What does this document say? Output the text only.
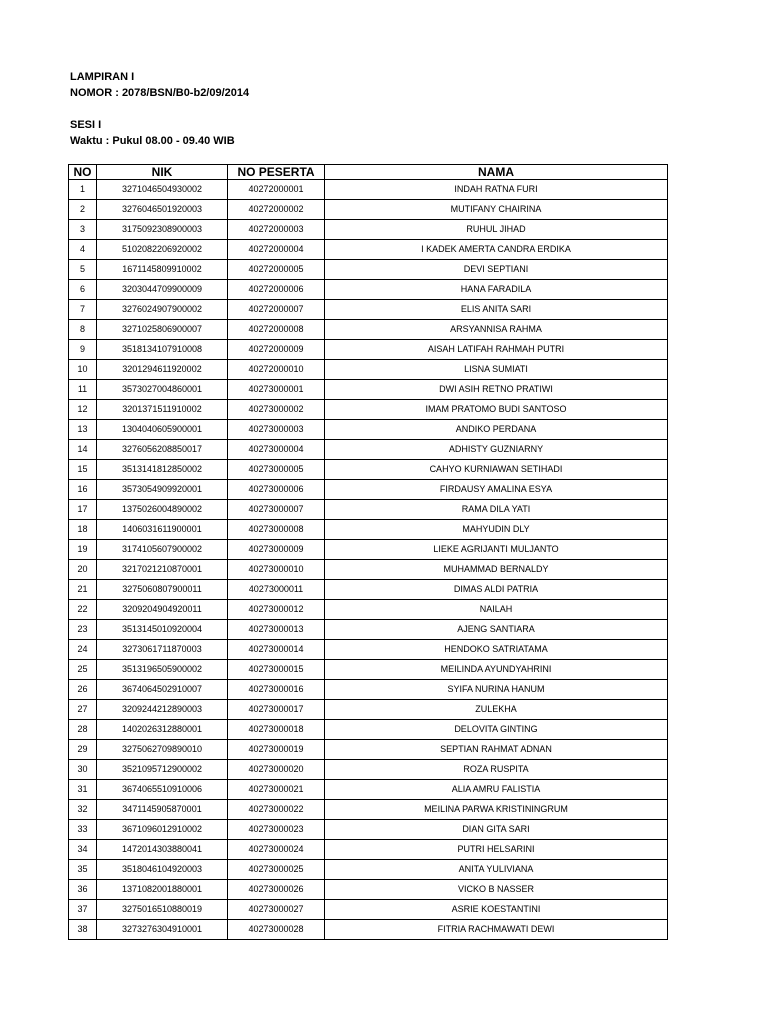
LAMPIRAN I
NOMOR : 2078/BSN/B0-b2/09/2014
SESI I
Waktu : Pukul 08.00 - 09.40 WIB
NO	NIK	NO PESERTA	NAMA
1	3271046504930002	40272000001	INDAH RATNA FURI
2	3276046501920003	40272000002	MUTIFANY CHAIRINA
3	3175092308900003	40272000003	RUHUL JIHAD
4	5102082206920002	40272000004	I KADEK AMERTA CANDRA ERDIKA
5	1671145809910002	40272000005	DEVI SEPTIANI
6	3203044709900009	40272000006	HANA FARADILA
7	3276024907900002	40272000007	ELIS ANITA SARI
8	3271025806900007	40272000008	ARSYANNISA RAHMA
9	3518134107910008	40272000009	AISAH LATIFAH RAHMAH PUTRI
10	3201294611920002	40272000010	LISNA SUMIATI
11	3573027004860001	40273000001	DWI ASIH RETNO PRATIWI
12	3201371511910002	40273000002	IMAM PRATOMO BUDI SANTOSO
13	1304040605900001	40273000003	ANDIKO PERDANA
14	3276056208850017	40273000004	ADHISTY GUZNIARNY
15	3513141812850002	40273000005	CAHYO KURNIAWAN SETIHADI
16	3573054909920001	40273000006	FIRDAUSY AMALINA ESYA
17	1375026004890002	40273000007	RAMA DILA YATI
18	1406031611900001	40273000008	MAHYUDIN DLY
19	3174105607900002	40273000009	LIEKE AGRIJANTI MULJANTO
20	3217021210870001	40273000010	MUHAMMAD BERNALDY
21	3275060807900011	40273000011	DIMAS ALDI PATRIA
22	3209204904920011	40273000012	NAILAH
23	3513145010920004	40273000013	AJENG SANTIARA
24	3273061711870003	40273000014	HENDOKO SATRIATAMA
25	3513196505900002	40273000015	MEILINDA AYUNDYAHRINI
26	3674064502910007	40273000016	SYIFA NURINA HANUM
27	3209244212890003	40273000017	ZULEKHA
28	1402026312880001	40273000018	DELOVITA GINTING
29	3275062709890010	40273000019	SEPTIAN RAHMAT ADNAN
30	3521095712900002	40273000020	ROZA RUSPITA
31	3674065510910006	40273000021	ALIA AMRU FALISTIA
32	3471145905870001	40273000022	MEILINA PARWA KRISTININGRUM
33	3671096012910002	40273000023	DIAN GITA SARI
34	1472014303880041	40273000024	PUTRI HELSARINI
35	3518046104920003	40273000025	ANITA YULIVIANA
36	1371082001880001	40273000026	VICKO B NASSER
37	3275016510880019	40273000027	ASRIE KOESTANTINI
38	3273276304910001	40273000028	FITRIA RACHMAWATI DEWI
